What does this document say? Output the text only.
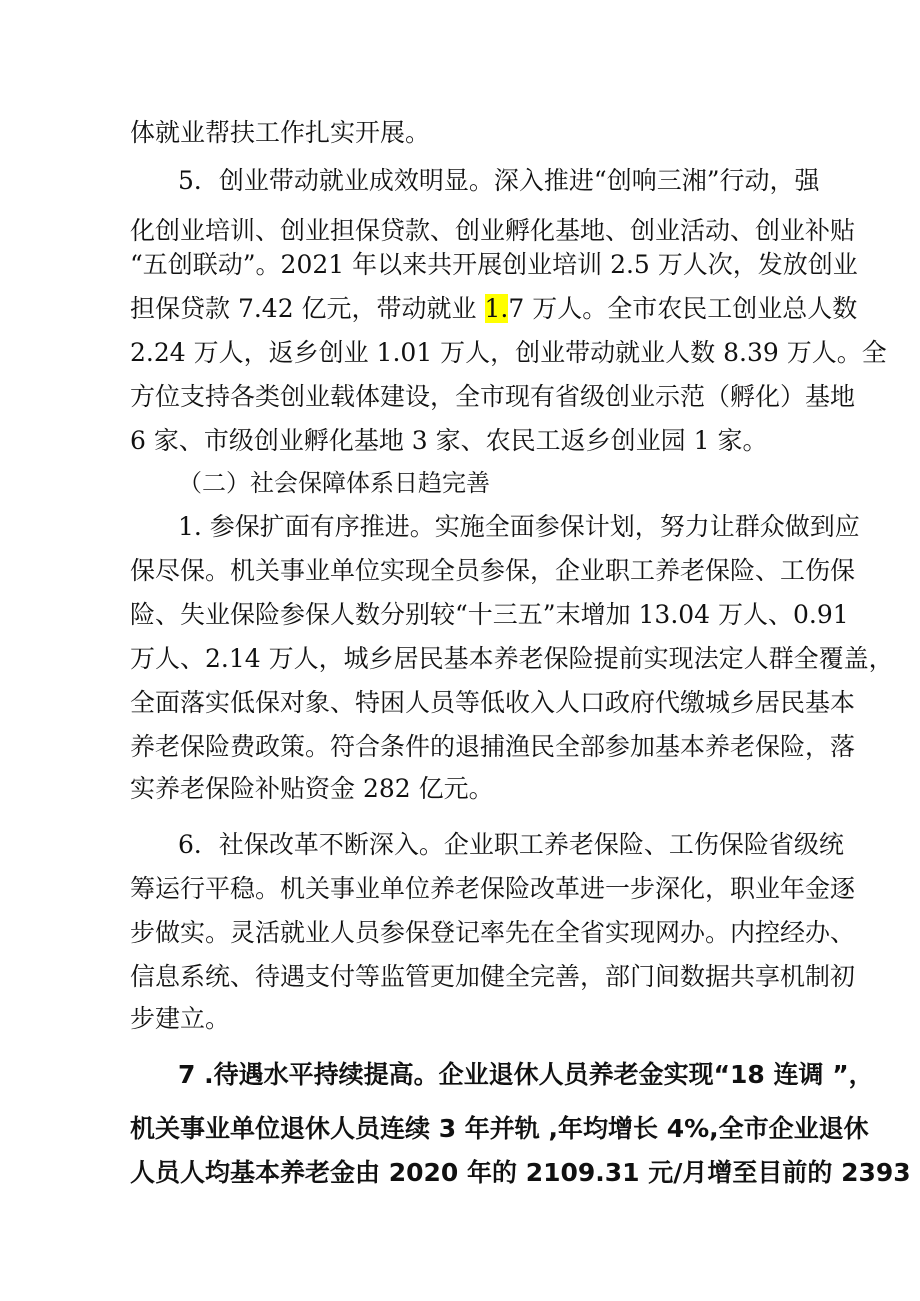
体就业帮扶工作扎实开展。
5．创业带动就业成效明显。深入推进“创响三湘”行动，强
化创业培训、创业担保贷款、创业孵化基地、创业活动、创业补贴
“五创联动”。2021 年以来共开展创业培训 2.5 万人次，发放创业
担保贷款 7.42 亿元，带动就业 1.7 万人。全市农民工创业总人数
2.24 万人，返乡创业 1.01 万人，创业带动就业人数 8.39 万人。全
方位支持各类创业载体建设，全市现有省级创业示范（孵化）基地
6 家、市级创业孵化基地 3 家、农民工返乡创业园 1 家。
（二）社会保障体系日趋完善
1. 参保扩面有序推进。实施全面参保计划，努力让群众做到应
保尽保。机关事业单位实现全员参保，企业职工养老保险、工伤保
险、失业保险参保人数分别较“十三五”末增加 13.04 万人、0.91
万人、2.14 万人，城乡居民基本养老保险提前实现法定人群全覆盖，
全面落实低保对象、特困人员等低收入人口政府代缴城乡居民基本
养老保险费政策。符合条件的退捕渔民全部参加基本养老保险，落
实养老保险补贴资金 282 亿元。
6．社保改革不断深入。企业职工养老保险、工伤保险省级统
筹运行平稳。机关事业单位养老保险改革进一步深化，职业年金逐
步做实。灵活就业人员参保登记率先在全省实现网办。内控经办、
信息系统、待遇支付等监管更加健全完善，部门间数据共享机制初
步建立。
7 .待遇水平持续提高。企业退休人员养老金实现“18 连调 ”，
机关事业单位退休人员连续 3 年并轨 ,年均增长 4%,全市企业退休
人员人均基本养老金由 2020 年的 2109.31 元/月增至目前的 2393
